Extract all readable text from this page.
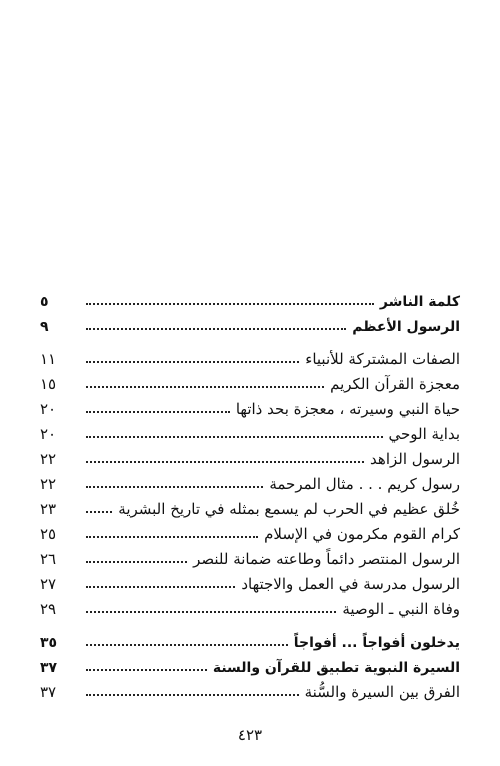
كلمة الناشر
٥
الرسول الأعظم
٩
الصفات المشتركة للأنبياء
١١
معجزة القرآن الكريم
١٥
حياة النبي وسيرته ، معجزة بحد ذاتها
٢٠
بداية الوحي
٢٠
الرسول الزاهد
٢٢
رسول كريم . . . مثال المرحمة
٢٢
خُلق عظيم في الحرب لم يسمع بمثله في تاريخ البشرية
٢٣
كرام القوم مكرمون في الإسلام
٢٥
الرسول المنتصر دائماً وطاعته ضمانة للنصر
٢٦
الرسول مدرسة في العمل والاجتهاد
٢٧
وفاة النبي ـ الوصية
٢٩
يدخلون أفواجاً ... أفواجاً
٣٥
السيرة النبوية تطبيق للقرآن والسنة
٣٧
الفرق بين السيرة والسُّنة
٣٧
٤٢٣
